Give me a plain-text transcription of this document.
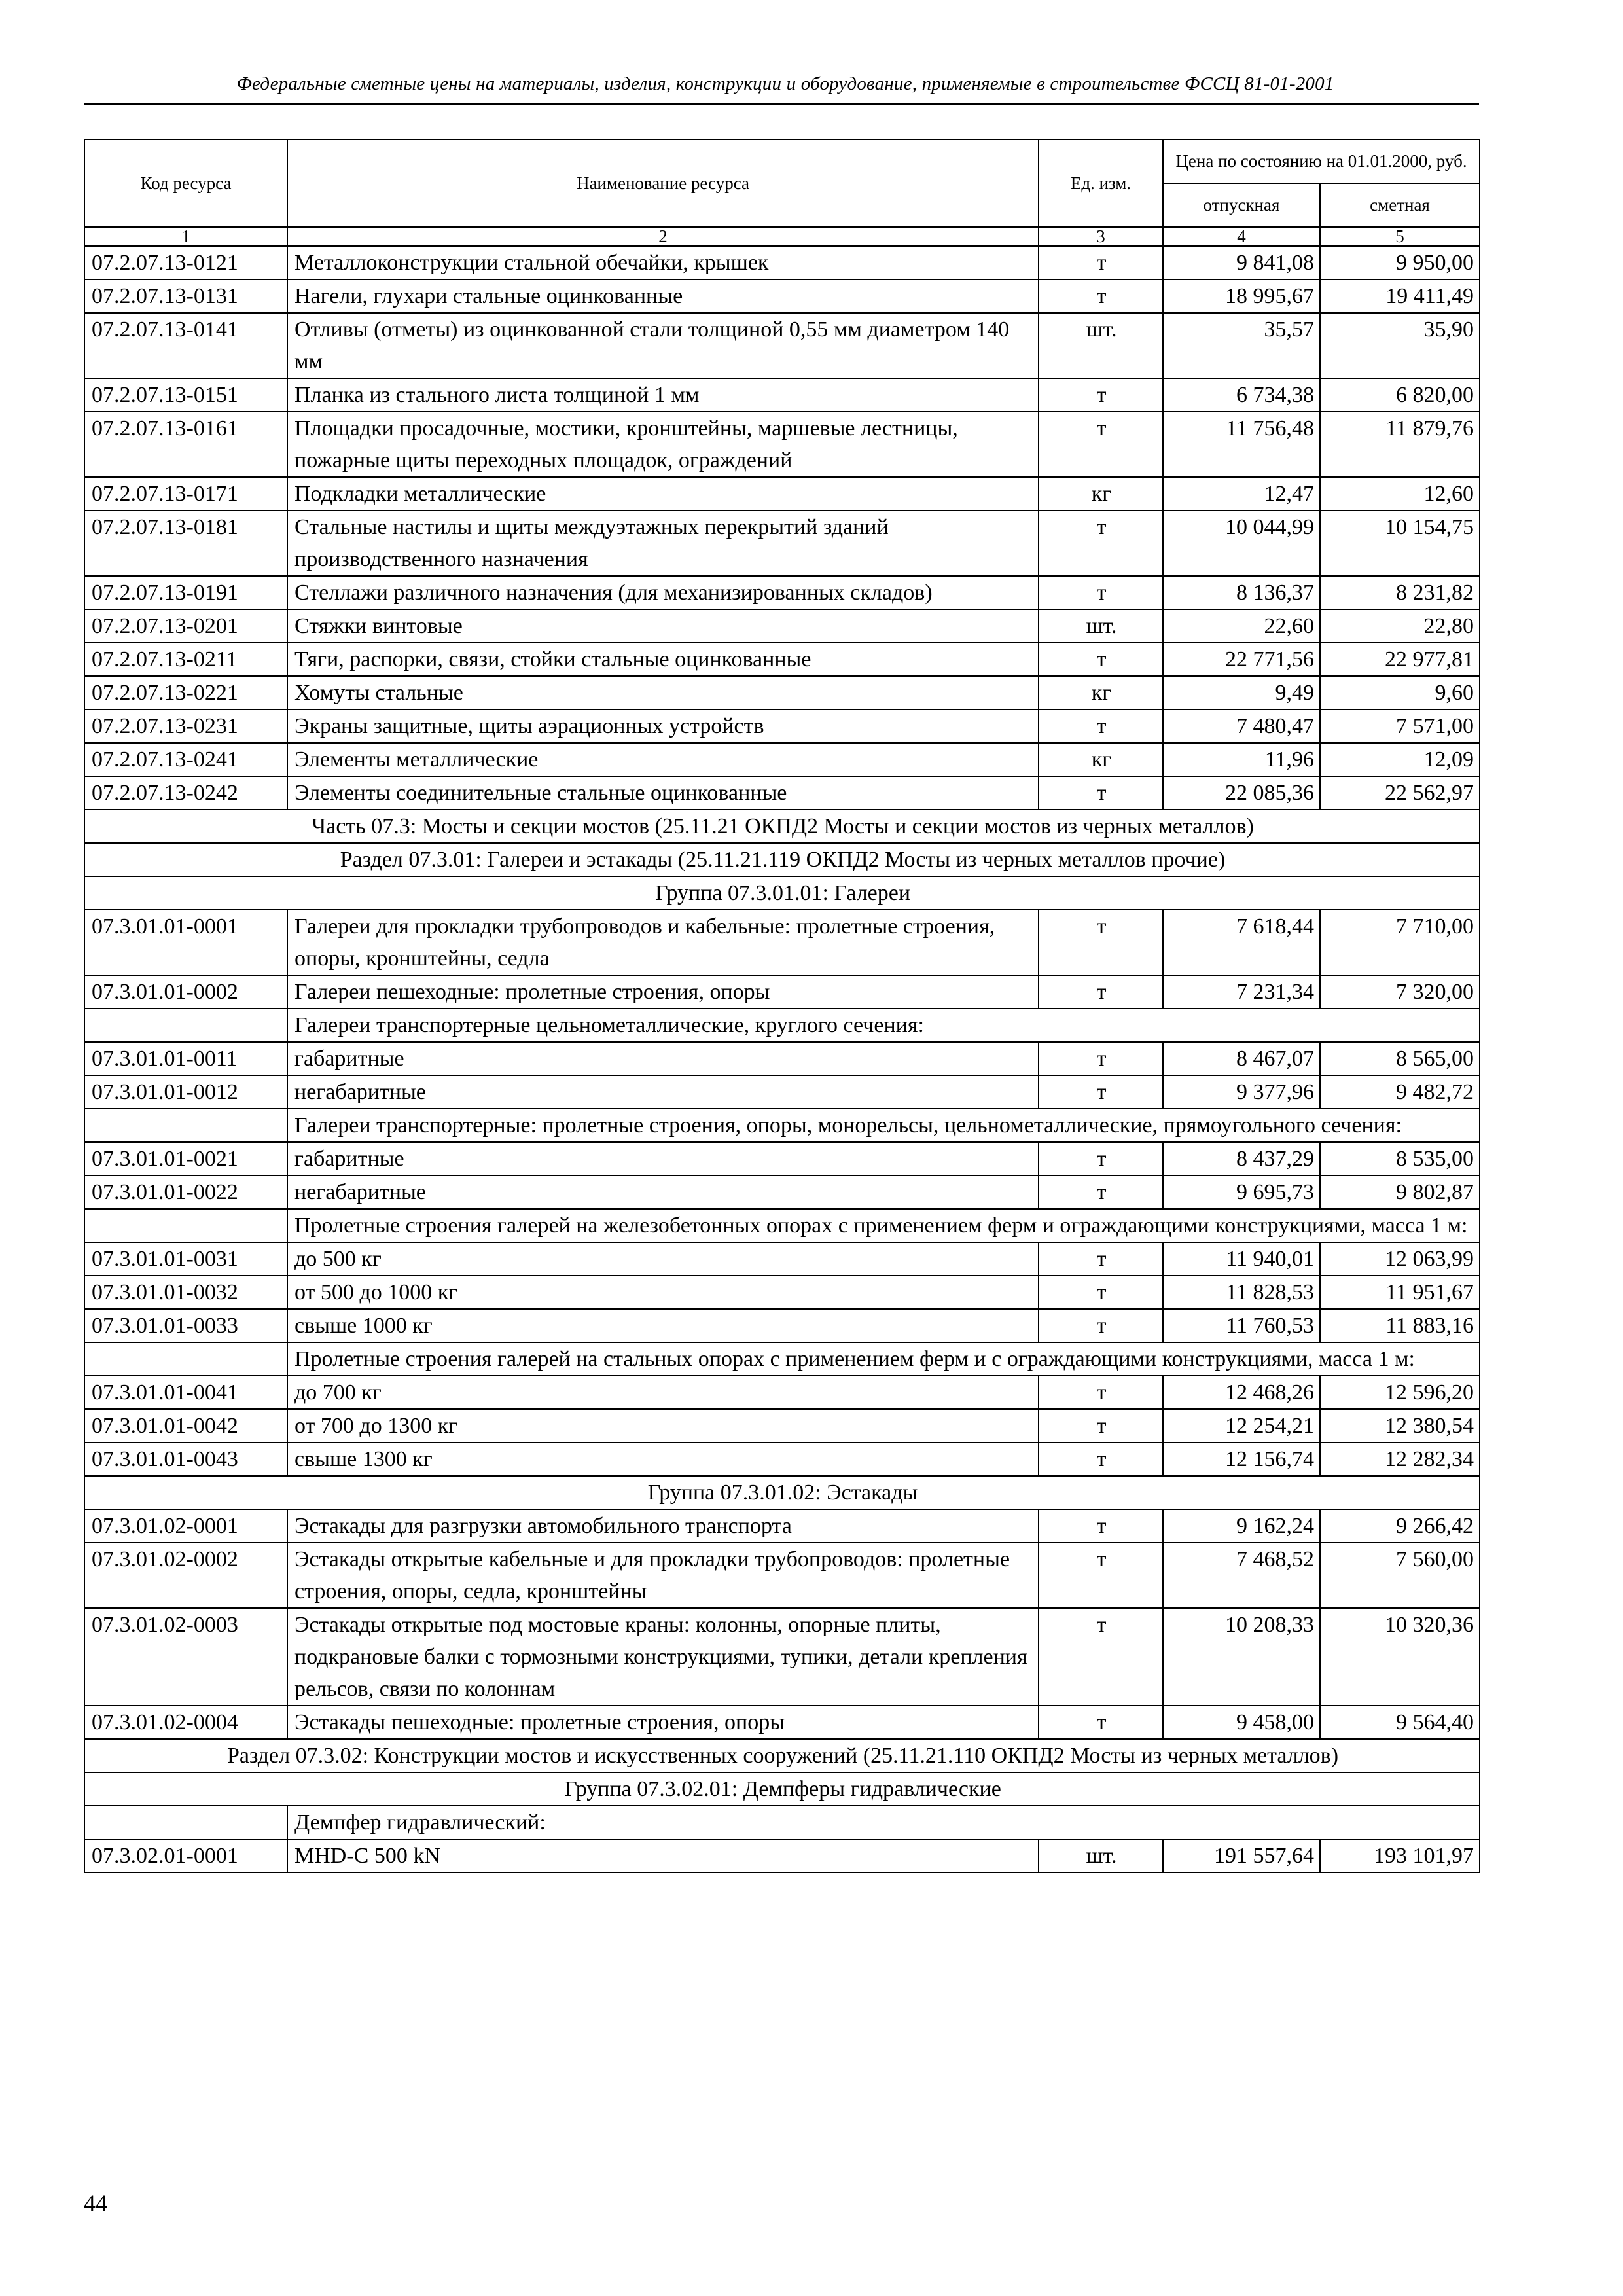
Федеральные сметные цены на материалы, изделия, конструкции и оборудование, применяемые в строительстве ФССЦ 81-01-2001
Код ресурса	Наименование ресурса	Ед. изм.	Цена по состоянию на 01.01.2000, руб.	
			отпускная	сметная
1	2	3	4	5
07.2.07.13-0121	Металлоконструкции стальной обечайки, крышек	т	9 841,08	9 950,00
07.2.07.13-0131	Нагели, глухари стальные оцинкованные	т	18 995,67	19 411,49
07.2.07.13-0141	Отливы (отметы) из оцинкованной стали толщиной 0,55 мм диаметром 140 мм	шт.	35,57	35,90
07.2.07.13-0151	Планка из стального листа толщиной 1 мм	т	6 734,38	6 820,00
07.2.07.13-0161	Площадки просадочные, мостики, кронштейны, маршевые лестницы, пожарные щиты переходных площадок, ограждений	т	11 756,48	11 879,76
07.2.07.13-0171	Подкладки металлические	кг	12,47	12,60
07.2.07.13-0181	Стальные настилы и щиты междуэтажных перекрытий зданий производственного назначения	т	10 044,99	10 154,75
07.2.07.13-0191	Стеллажи различного назначения (для механизированных складов)	т	8 136,37	8 231,82
07.2.07.13-0201	Стяжки винтовые	шт.	22,60	22,80
07.2.07.13-0211	Тяги, распорки, связи, стойки стальные оцинкованные	т	22 771,56	22 977,81
07.2.07.13-0221	Хомуты стальные	кг	9,49	9,60
07.2.07.13-0231	Экраны защитные, щиты аэрационных устройств	т	7 480,47	7 571,00
07.2.07.13-0241	Элементы металлические	кг	11,96	12,09
07.2.07.13-0242	Элементы соединительные стальные оцинкованные	т	22 085,36	22 562,97
Часть 07.3: Мосты и секции мостов (25.11.21 ОКПД2 Мосты и секции мостов из черных металлов)				
Раздел 07.3.01: Галереи и эстакады (25.11.21.119 ОКПД2 Мосты из черных металлов прочие)				
Группа 07.3.01.01: Галереи				
07.3.01.01-0001	Галереи для прокладки трубопроводов и кабельные: пролетные строения, опоры, кронштейны, седла	т	7 618,44	7 710,00
07.3.01.01-0002	Галереи пешеходные: пролетные строения, опоры	т	7 231,34	7 320,00
	Галереи транспортерные цельнометаллические, круглого сечения:			
07.3.01.01-0011	габаритные	т	8 467,07	8 565,00
07.3.01.01-0012	негабаритные	т	9 377,96	9 482,72
	Галереи транспортерные: пролетные строения, опоры, монорельсы, цельнометаллические, прямоугольного сечения:			
07.3.01.01-0021	габаритные	т	8 437,29	8 535,00
07.3.01.01-0022	негабаритные	т	9 695,73	9 802,87
	Пролетные строения галерей на железобетонных опорах с применением ферм и ограждающими конструкциями, масса 1 м:			
07.3.01.01-0031	до 500 кг	т	11 940,01	12 063,99
07.3.01.01-0032	от 500 до 1000 кг	т	11 828,53	11 951,67
07.3.01.01-0033	свыше 1000 кг	т	11 760,53	11 883,16
	Пролетные строения галерей на стальных опорах с применением ферм и с ограждающими конструкциями, масса 1 м:			
07.3.01.01-0041	до 700 кг	т	12 468,26	12 596,20
07.3.01.01-0042	от 700 до 1300 кг	т	12 254,21	12 380,54
07.3.01.01-0043	свыше 1300 кг	т	12 156,74	12 282,34
Группа 07.3.01.02: Эстакады				
07.3.01.02-0001	Эстакады для разгрузки автомобильного транспорта	т	9 162,24	9 266,42
07.3.01.02-0002	Эстакады открытые кабельные и для прокладки трубопроводов: пролетные строения, опоры, седла, кронштейны	т	7 468,52	7 560,00
07.3.01.02-0003	Эстакады открытые под мостовые краны: колонны, опорные плиты, подкрановые балки с тормозными конструкциями, тупики, детали крепления рельсов, связи по колоннам	т	10 208,33	10 320,36
07.3.01.02-0004	Эстакады пешеходные: пролетные строения, опоры	т	9 458,00	9 564,40
Раздел 07.3.02: Конструкции мостов и искусственных сооружений (25.11.21.110 ОКПД2 Мосты из черных металлов)				
Группа 07.3.02.01: Демпферы гидравлические				
	Демпфер гидравлический:			
07.3.02.01-0001	MHD-C 500 kN	шт.	191 557,64	193 101,97
44
